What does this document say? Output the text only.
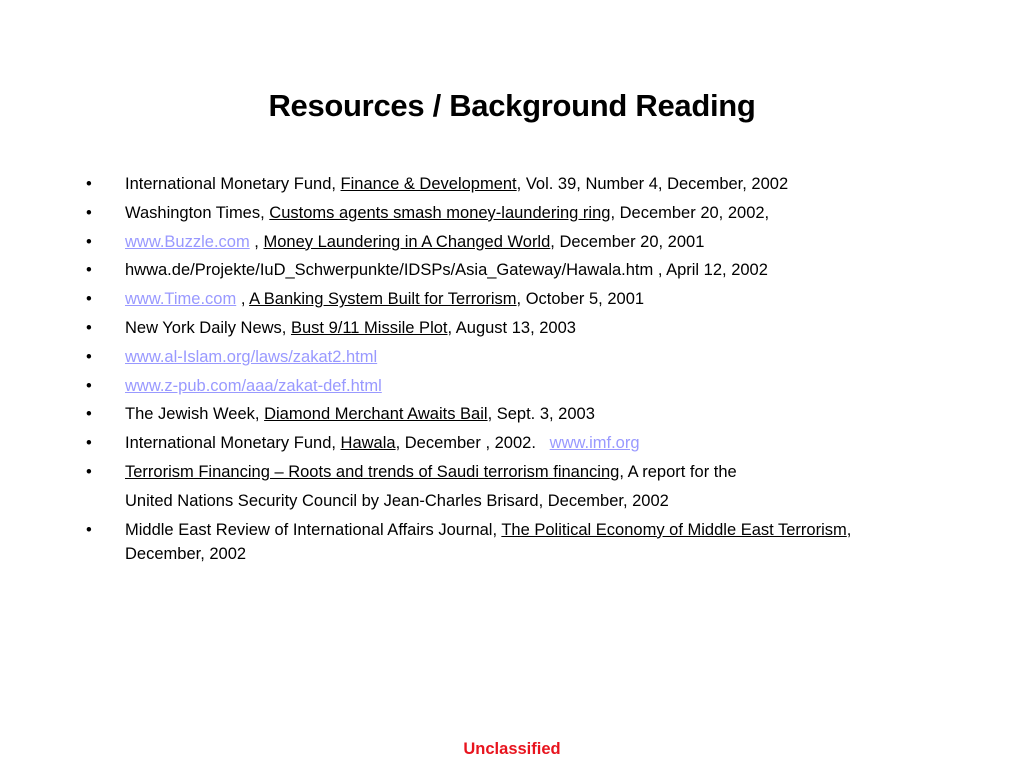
Resources / Background Reading
• International Monetary Fund, Finance & Development, Vol. 39, Number 4, December, 2002
• Washington Times, Customs agents smash money-laundering ring, December 20, 2002,
• www.Buzzle.com , Money Laundering in A Changed World, December 20, 2001
• hwwa.de/Projekte/IuD_Schwerpunkte/IDSPs/Asia_Gateway/Hawala.htm , April 12, 2002
• www.Time.com , A Banking System Built for Terrorism, October 5, 2001
• New York Daily News, Bust 9/11 Missile Plot, August 13, 2003
• www.al-Islam.org/laws/zakat2.html
• www.z-pub.com/aaa/zakat-def.html
• The Jewish Week, Diamond Merchant Awaits Bail, Sept. 3, 2003
• International Monetary Fund, Hawala, December , 2002.   www.imf.org
• Terrorism Financing – Roots and trends of Saudi terrorism financing, A report for the
United Nations Security Council by Jean-Charles Brisard, December, 2002
• Middle East Review of International Affairs Journal, The Political Economy of Middle East Terrorism, December, 2002
Unclassified
